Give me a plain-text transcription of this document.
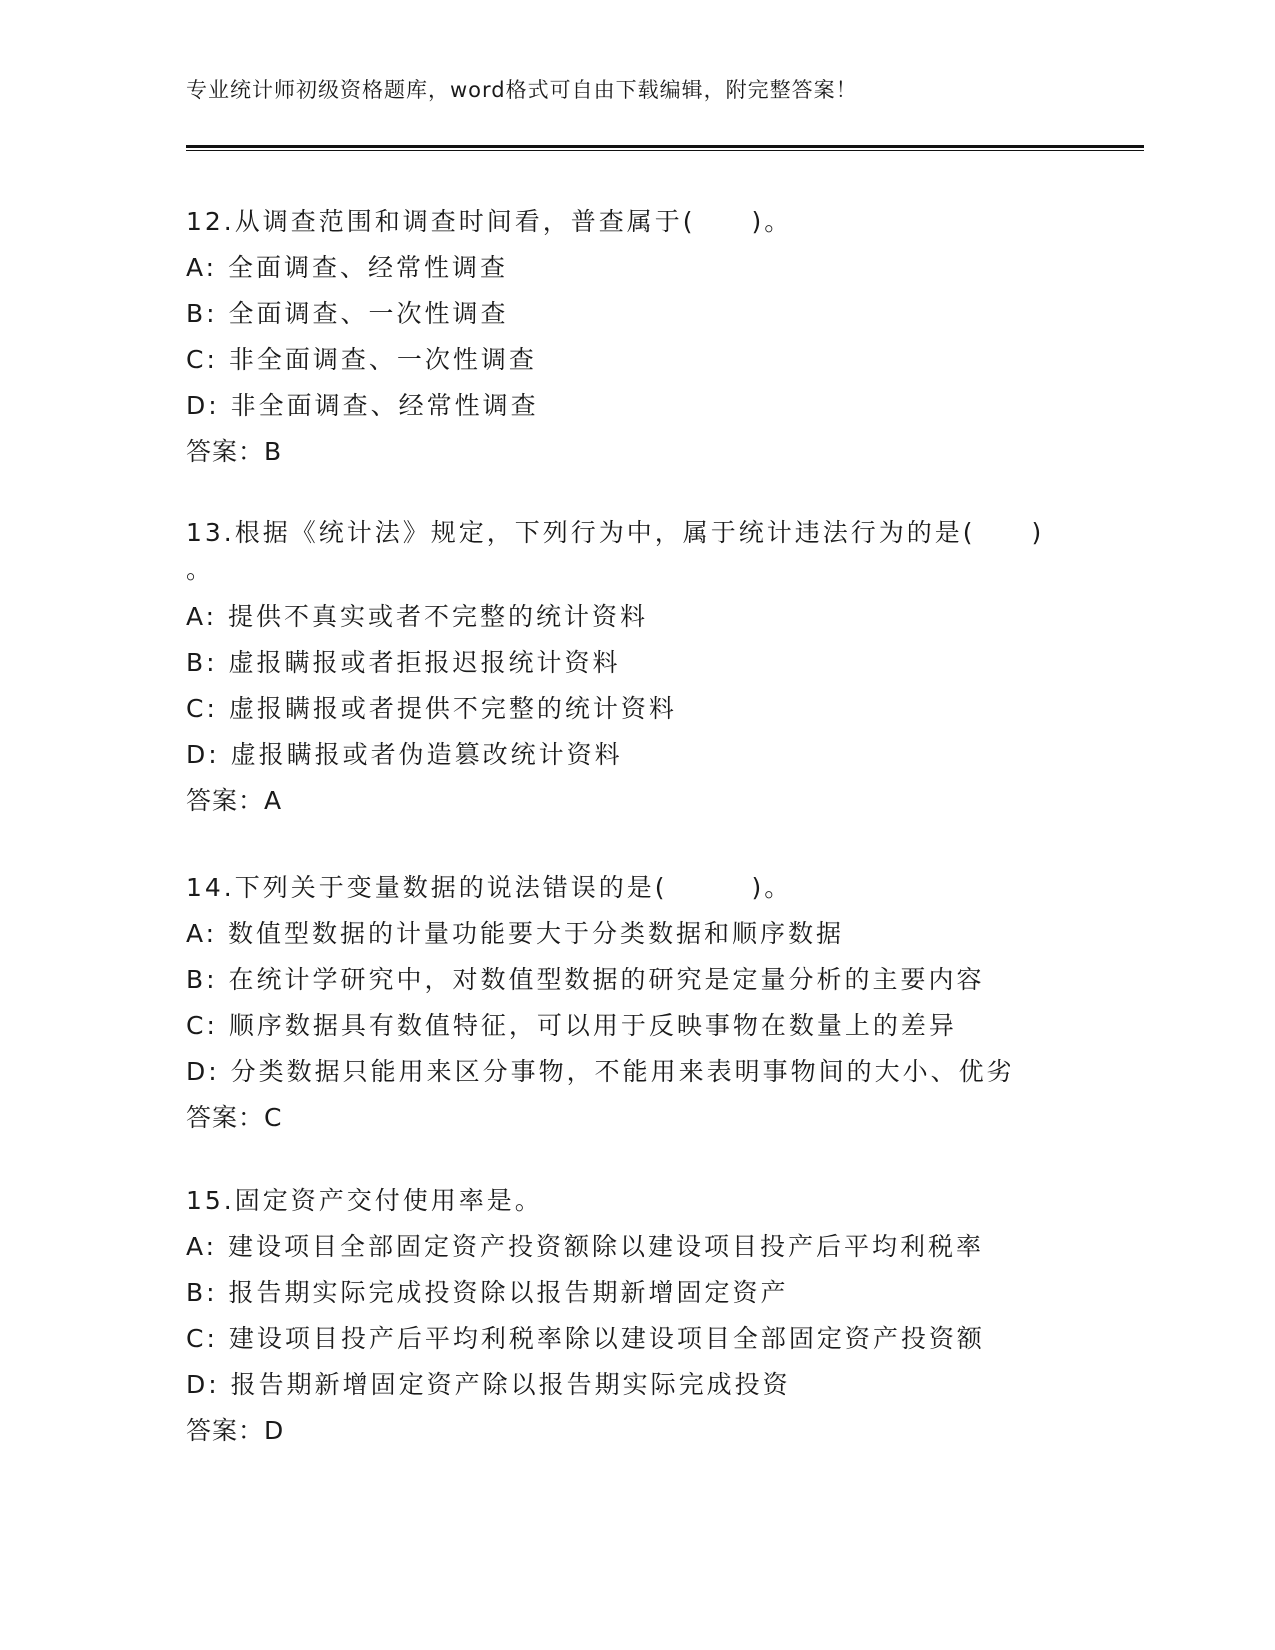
专业统计师初级资格题库，word格式可自由下载编辑，附完整答案！
12.从调查范围和调查时间看，普查属于(　　)。
A: 全面调查、经常性调查
B: 全面调查、一次性调查
C: 非全面调查、一次性调查
D: 非全面调查、经常性调查
答案：B
13.根据《统计法》规定，下列行为中，属于统计违法行为的是(　　)
。
A: 提供不真实或者不完整的统计资料
B: 虚报瞒报或者拒报迟报统计资料
C: 虚报瞒报或者提供不完整的统计资料
D: 虚报瞒报或者伪造篡改统计资料
答案：A
14.下列关于变量数据的说法错误的是(　　　)。
A: 数值型数据的计量功能要大于分类数据和顺序数据
B: 在统计学研究中，对数值型数据的研究是定量分析的主要内容
C: 顺序数据具有数值特征，可以用于反映事物在数量上的差异
D: 分类数据只能用来区分事物，不能用来表明事物间的大小、优劣
答案：C
15.固定资产交付使用率是。
A: 建设项目全部固定资产投资额除以建设项目投产后平均利税率
B: 报告期实际完成投资除以报告期新增固定资产
C: 建设项目投产后平均利税率除以建设项目全部固定资产投资额
D: 报告期新增固定资产除以报告期实际完成投资
答案：D
